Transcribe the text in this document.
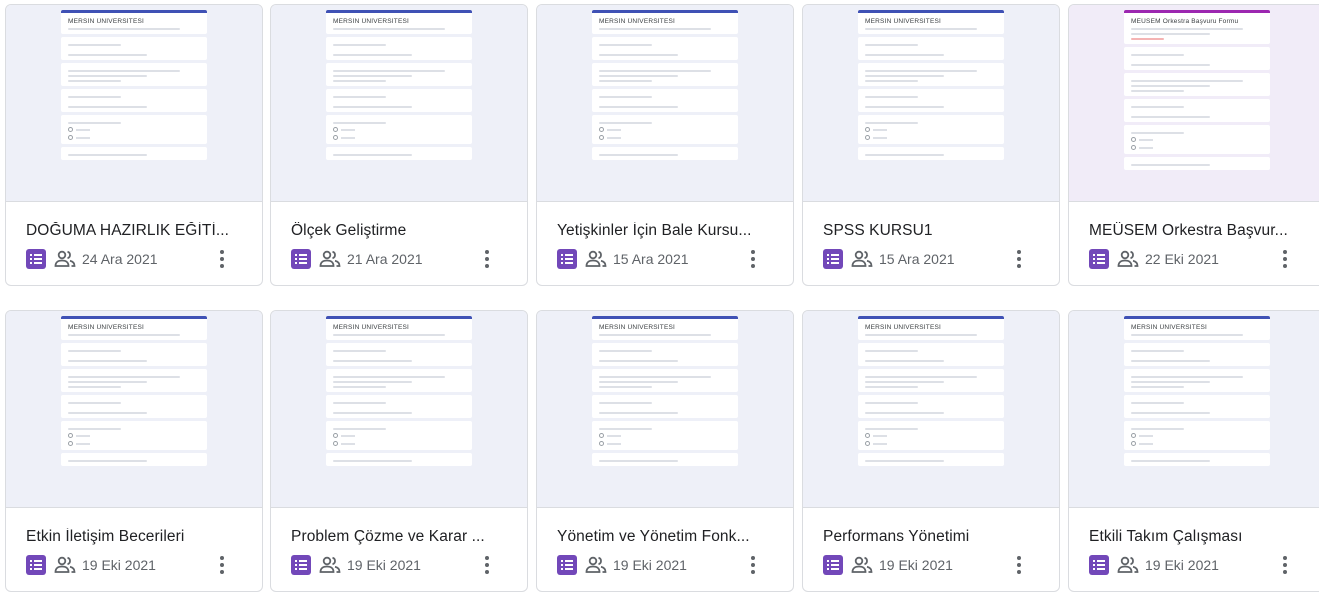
MERSİN ÜNİVERSİTESİ
DOĞUMA HAZIRLIK EĞİTİ...
24 Ara 2021
MERSİN ÜNİVERSİTESİ
Ölçek Geliştirme
21 Ara 2021
MERSİN ÜNİVERSİTESİ
Yetişkinler İçin Bale Kursu...
15 Ara 2021
MERSİN ÜNİVERSİTESİ
SPSS KURSU1
15 Ara 2021
MEÜSEM Orkestra Başvuru Formu
MEÜSEM Orkestra Başvur...
22 Eki 2021
MERSİN ÜNİVERSİTESİ
Etkin İletişim Becerileri
19 Eki 2021
MERSİN ÜNİVERSİTESİ
Problem Çözme ve Karar ...
19 Eki 2021
MERSİN ÜNİVERSİTESİ
Yönetim ve Yönetim Fonk...
19 Eki 2021
MERSİN ÜNİVERSİTESİ
Performans Yönetimi
19 Eki 2021
MERSİN ÜNİVERSİTESİ
Etkili Takım Çalışması
19 Eki 2021
